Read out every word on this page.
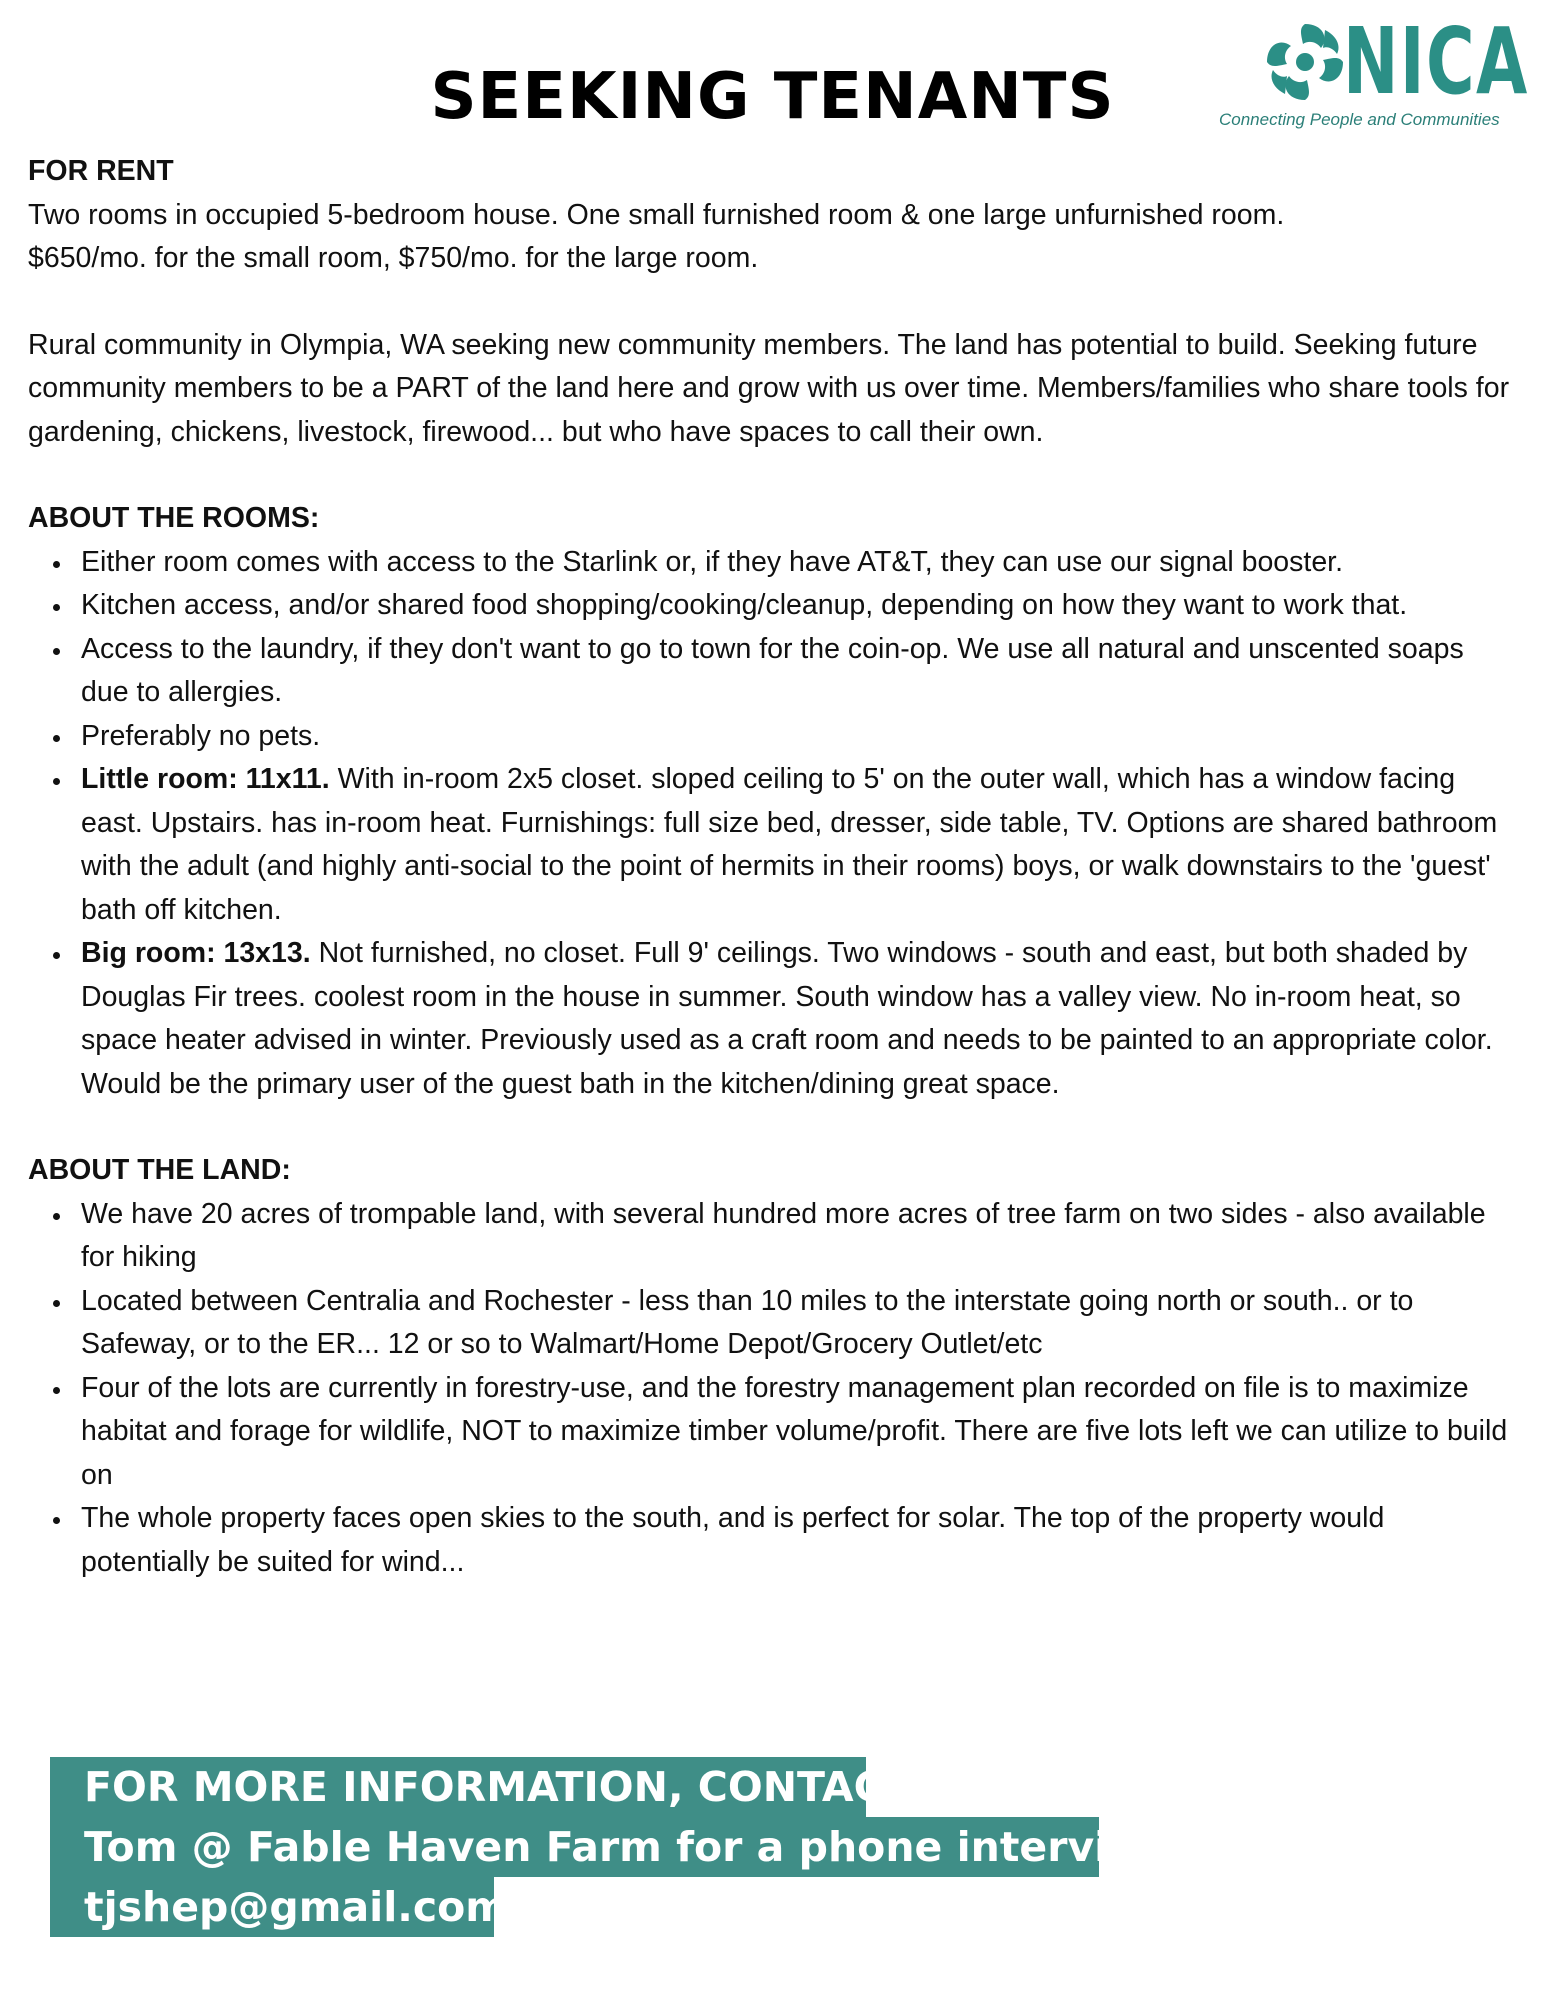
SEEKING TENANTS	NICA
Connecting People and Communities

FOR RENT

Two rooms in occupied 5-bedroom house. One small furnished room & one large unfurnished room.

$650/mo. for the small room, $750/mo. for the large room.

Rural community in Olympia, WA seeking new community members. The land has potential to build. Seeking future community members to be a PART of the land here and grow with us over time. Members/families who share tools for gardening, chickens, livestock, firewood... but who have spaces to call their own.

ABOUT THE ROOMS:

Either room comes with access to the Starlink or, if they have AT&T, they can use our signal booster.
Kitchen access, and/or shared food shopping/cooking/cleanup, depending on how they want to work that.
Access to the laundry, if they don't want to go to town for the coin-op. We use all natural and unscented soaps due to allergies.
Preferably no pets.
Little room: 11x11. With in-room 2x5 closet. sloped ceiling to 5' on the outer wall, which has a window facing east. Upstairs. has in-room heat. Furnishings: full size bed, dresser, side table, TV. Options are shared bathroom with the adult (and highly anti-social to the point of hermits in their rooms) boys, or walk downstairs to the 'guest' bath off kitchen.
Big room: 13x13. Not furnished, no closet. Full 9' ceilings. Two windows - south and east, but both shaded by Douglas Fir trees. coolest room in the house in summer. South window has a valley view. No in-room heat, so space heater advised in winter. Previously used as a craft room and needs to be painted to an appropriate color. Would be the primary user of the guest bath in the kitchen/dining great space.

ABOUT THE LAND:

We have 20 acres of trompable land, with several hundred more acres of tree farm on two sides - also available for hiking
Located between Centralia and Rochester - less than 10 miles to the interstate going north or south.. or to Safeway, or to the ER... 12 or so to Walmart/Home Depot/Grocery Outlet/etc
Four of the lots are currently in forestry-use, and the forestry management plan recorded on file is to maximize habitat and forage for wildlife, NOT to maximize timber volume/profit. There are five lots left we can utilize to build on
The whole property faces open skies to the south, and is perfect for solar. The top of the property would potentially be suited for wind...
FOR MORE INFORMATION, CONTACT:
Tom @ Fable Haven Farm for a phone interview
tjshep@gmail.com
